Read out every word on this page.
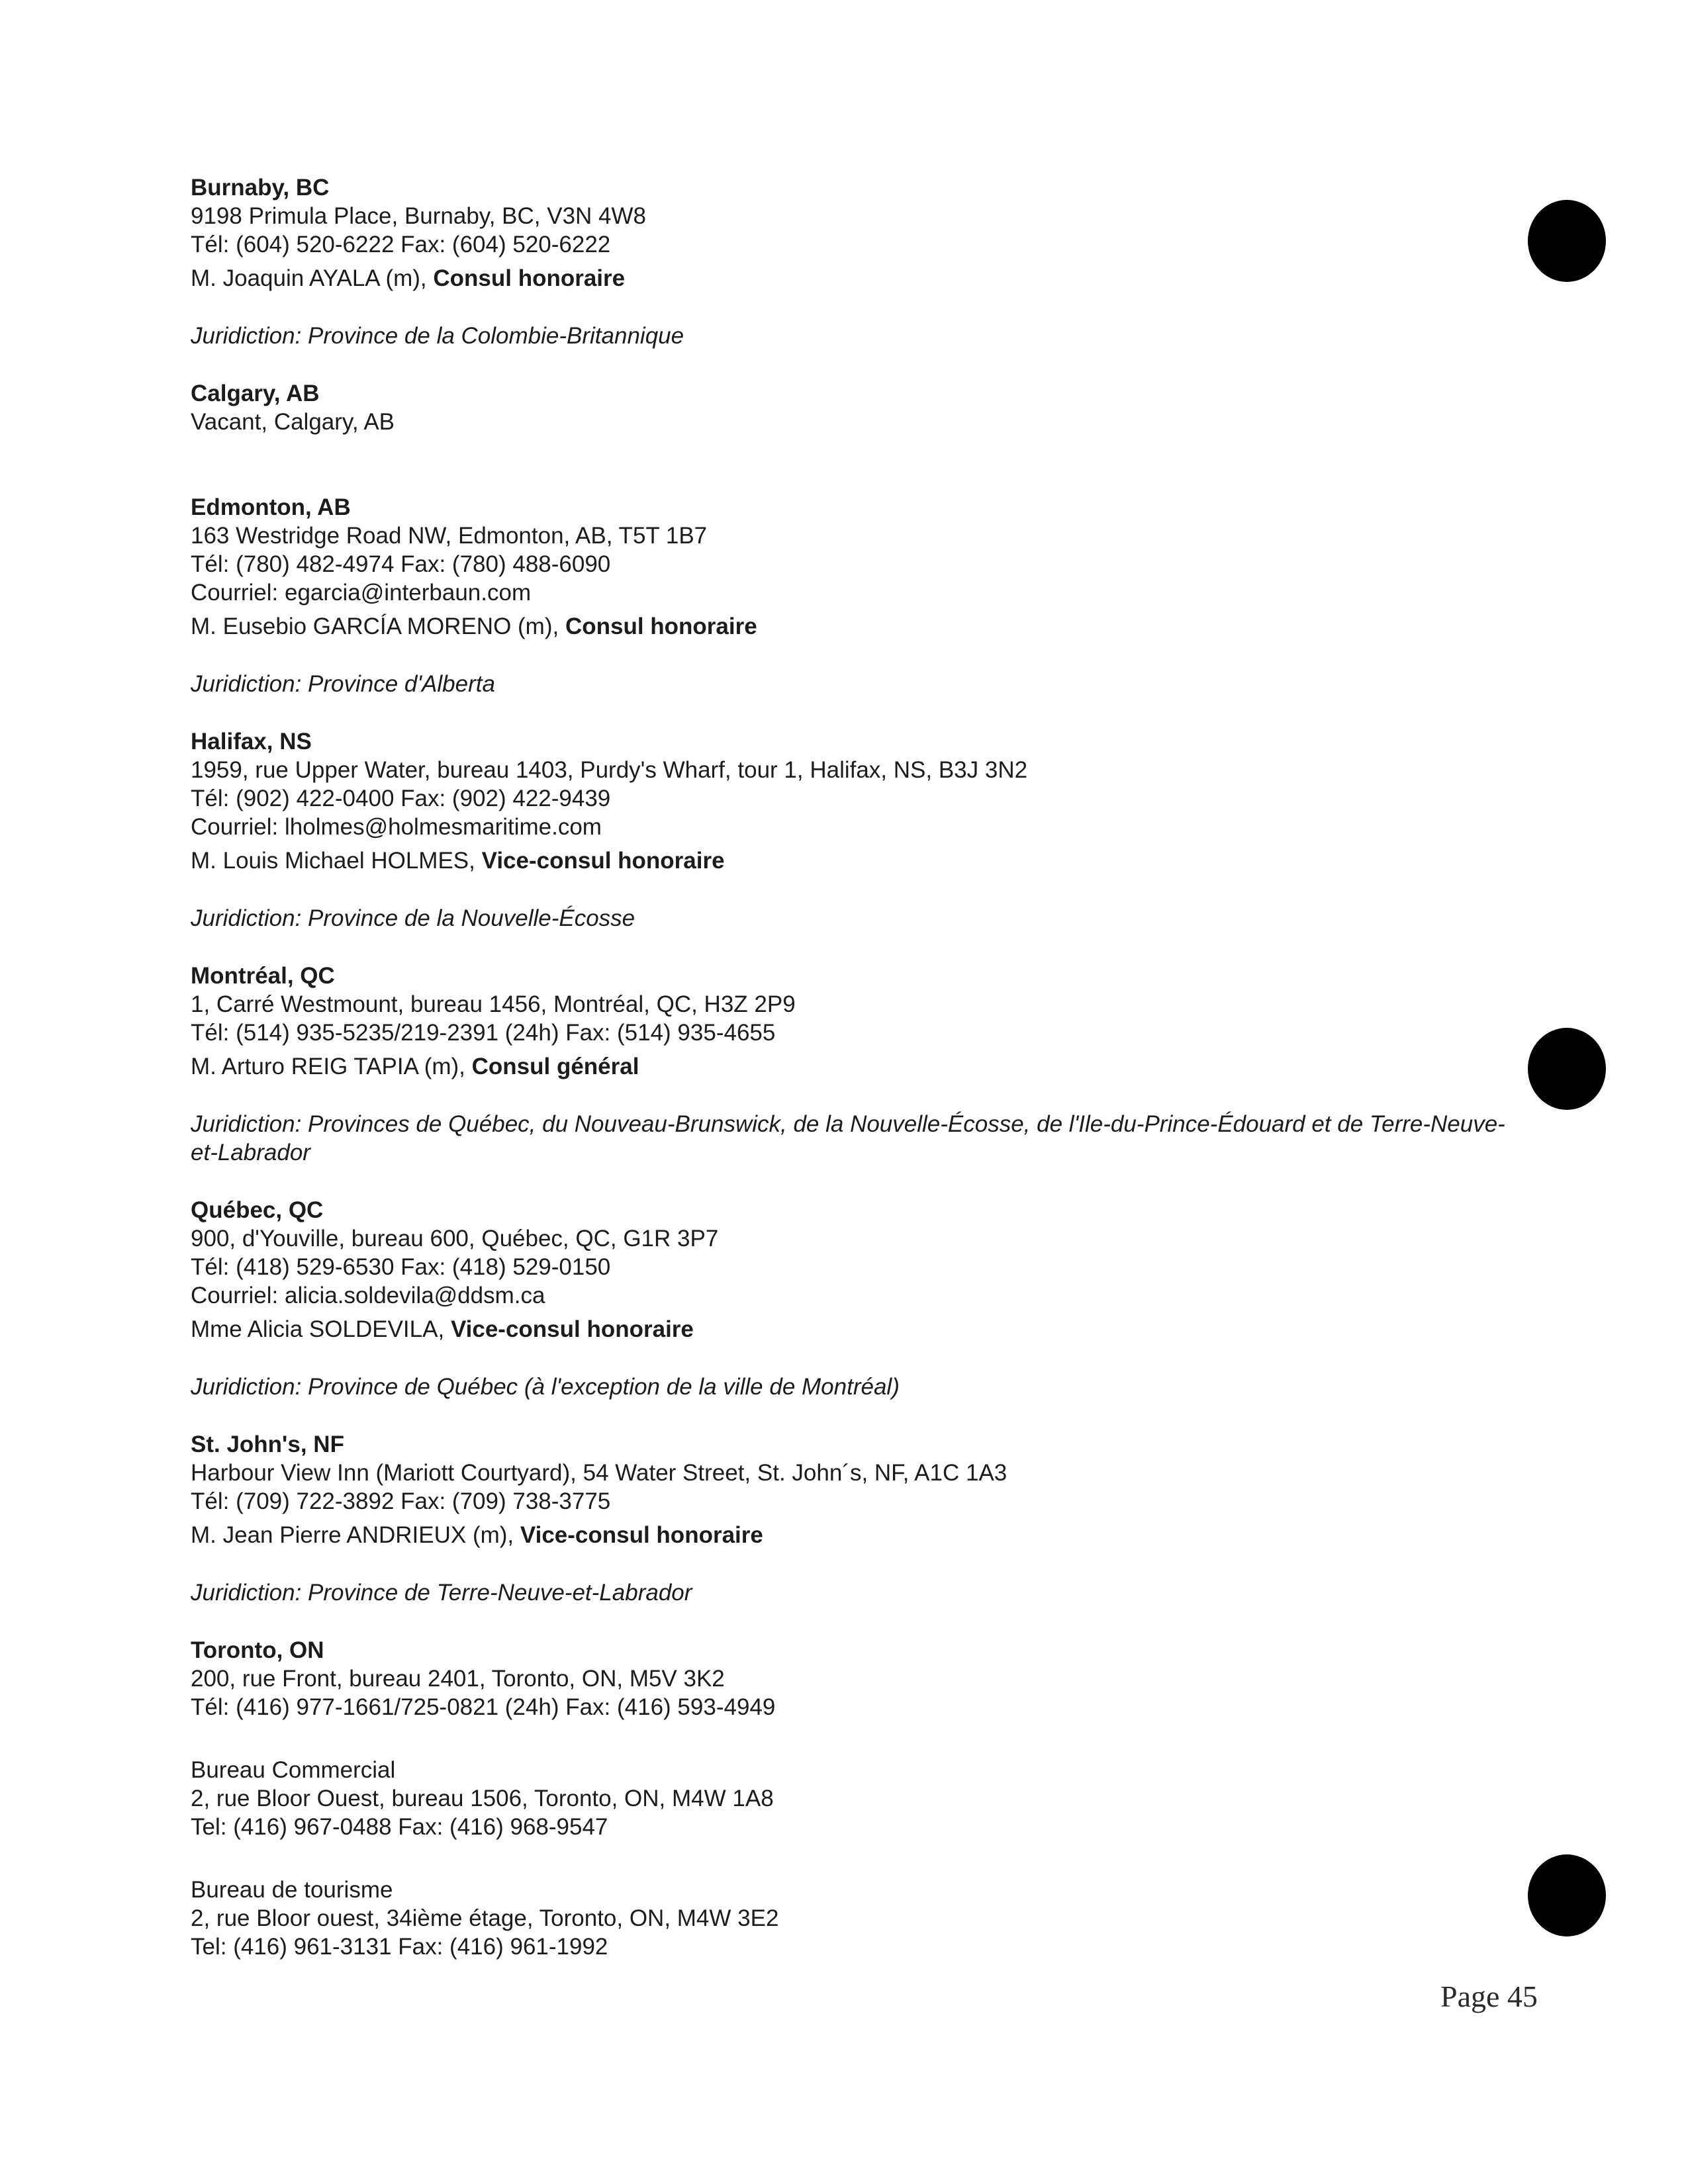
Burnaby, BC
9198 Primula Place, Burnaby, BC, V3N 4W8
Tél: (604) 520-6222 Fax: (604) 520-6222
M. Joaquin AYALA (m), Consul honoraire
Juridiction: Province de la Colombie-Britannique
Calgary, AB
Vacant, Calgary, AB
Edmonton, AB
163 Westridge Road NW, Edmonton, AB, T5T 1B7
Tél: (780) 482-4974 Fax: (780) 488-6090
Courriel: egarcia@interbaun.com
M. Eusebio GARCÍA MORENO (m), Consul honoraire
Juridiction: Province d'Alberta
Halifax, NS
1959, rue Upper Water, bureau 1403, Purdy's Wharf, tour 1, Halifax, NS, B3J 3N2
Tél: (902) 422-0400 Fax: (902) 422-9439
Courriel: lholmes@holmesmaritime.com
M. Louis Michael HOLMES, Vice-consul honoraire
Juridiction: Province de la Nouvelle-Écosse
Montréal, QC
1, Carré Westmount, bureau 1456, Montréal, QC, H3Z 2P9
Tél: (514) 935-5235/219-2391 (24h) Fax: (514) 935-4655
M. Arturo REIG TAPIA (m), Consul général
Juridiction: Provinces de Québec, du Nouveau-Brunswick, de la Nouvelle-Écosse, de l'Ile-du-Prince-Édouard et de Terre-Neuve-et-Labrador
Québec, QC
900, d'Youville, bureau 600, Québec, QC, G1R 3P7
Tél: (418) 529-6530 Fax: (418) 529-0150
Courriel: alicia.soldevila@ddsm.ca
Mme Alicia SOLDEVILA, Vice-consul honoraire
Juridiction: Province de Québec (à l'exception de la ville de Montréal)
St. John's, NF
Harbour View Inn (Mariott Courtyard), 54 Water Street, St. John´s, NF, A1C 1A3
Tél: (709) 722-3892 Fax: (709) 738-3775
M. Jean Pierre ANDRIEUX (m), Vice-consul honoraire
Juridiction: Province de Terre-Neuve-et-Labrador
Toronto, ON
200, rue Front, bureau 2401, Toronto, ON, M5V 3K2
Tél: (416) 977-1661/725-0821 (24h) Fax: (416) 593-4949
Bureau Commercial
2, rue Bloor Ouest, bureau 1506, Toronto, ON, M4W 1A8
Tel: (416) 967-0488 Fax: (416) 968-9547
Bureau de tourisme
2, rue Bloor ouest, 34ième étage, Toronto, ON, M4W 3E2
Tel: (416) 961-3131 Fax: (416) 961-1992
Page 45
